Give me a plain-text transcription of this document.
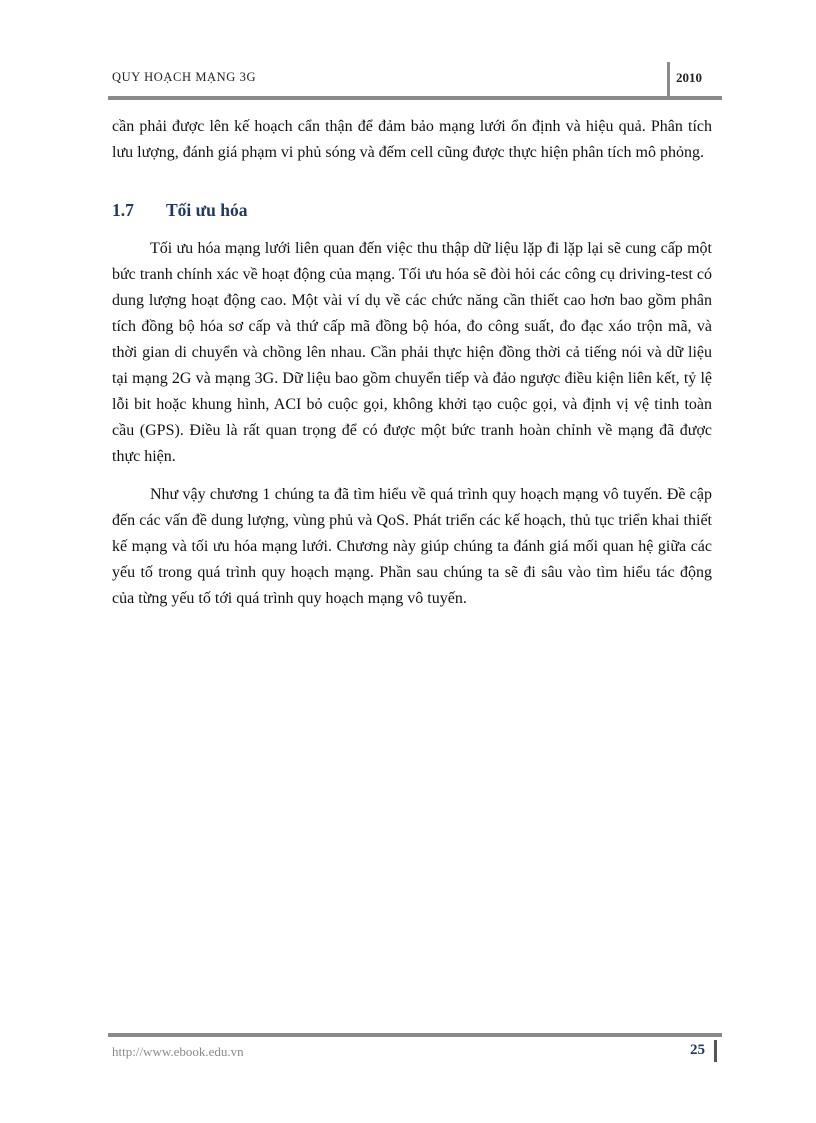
QUY HOẠCH MẠNG 3G	2010

cần phải được lên kế hoạch cẩn thận để đảm bảo mạng lưới ổn định và hiệu quả. Phân tích lưu lượng, đánh giá phạm vi phủ sóng và đếm cell cũng được thực hiện phân tích mô phỏng.

1.7 Tối ưu hóa

Tối ưu hóa mạng lưới liên quan đến việc thu thập dữ liệu lặp đi lặp lại sẽ cung cấp một bức tranh chính xác về hoạt động của mạng. Tối ưu hóa sẽ đòi hỏi các công cụ driving-test có dung lượng hoạt động cao. Một vài ví dụ về các chức năng cần thiết cao hơn bao gồm phân tích đồng bộ hóa sơ cấp và thứ cấp mã đồng bộ hóa, đo công suất, đo đạc xáo trộn mã, và thời gian di chuyển và chồng lên nhau. Cần phải thực hiện đồng thời cả tiếng nói và dữ liệu tại mạng 2G và mạng 3G. Dữ liệu bao gồm chuyển tiếp và đảo ngược điều kiện liên kết, tỷ lệ lỗi bit hoặc khung hình, ACI bỏ cuộc gọi, không khởi tạo cuộc gọi, và định vị vệ tinh toàn cầu (GPS). Điều là rất quan trọng để có được một bức tranh hoàn chỉnh về mạng đã được thực hiện.

Như vậy chương 1 chúng ta đã tìm hiểu về quá trình quy hoạch mạng vô tuyến. Đề cập đến các vấn đề dung lượng, vùng phủ và QoS. Phát triển các kế hoạch, thủ tục triển khai thiết kế mạng và tối ưu hóa mạng lưới. Chương này giúp chúng ta đánh giá mối quan hệ giữa các yếu tố trong quá trình quy hoạch mạng. Phần sau chúng ta sẽ đi sâu vào tìm hiểu tác động của từng yếu tố tới quá trình quy hoạch mạng vô tuyến.

http://www.ebook.edu.vn	25
